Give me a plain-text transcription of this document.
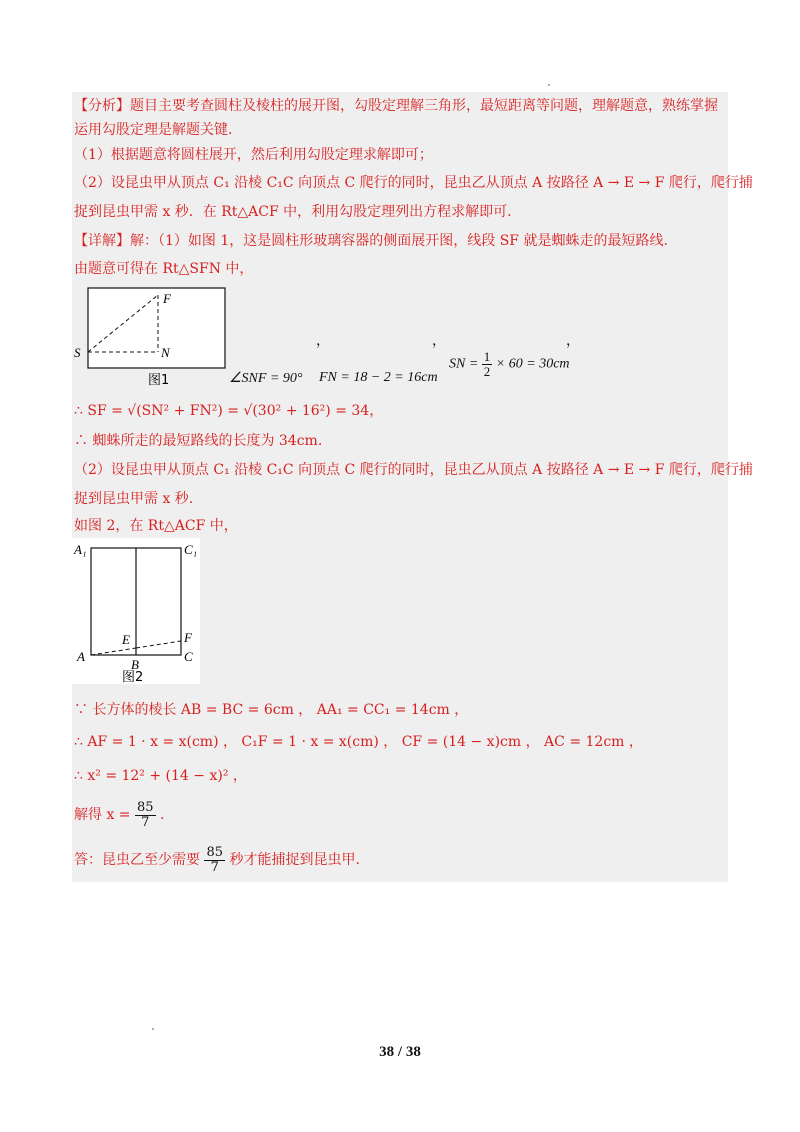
【分析】题目主要考查圆柱及棱柱的展开图，勾股定理解三角形，最短距离等问题，理解题意，熟练掌握
运用勾股定理是解题关键.
（1）根据题意将圆柱展开，然后利用勾股定理求解即可；
（2）设昆虫甲从顶点 C₁ 沿棱 C₁C 向顶点 C 爬行的同时，昆虫乙从顶点 A 按路径 A → E → F 爬行，爬行捕
捉到昆虫甲需 x 秒．在 Rt△ACF 中，利用勾股定理列出方程求解即可.
【详解】解：（1）如图 1，这是圆柱形玻璃容器的侧面展开图，线段 SF 就是蜘蛛走的最短路线.
由题意可得在 Rt△SFN 中，
F
S	N
图1
，	，	，
∠SNF = 90° FN = 18 − 2 = 16cm
SN = $\frac{1}{2} \times 60 = 30cm$
∴ SF = √(SN² + FN²) = √(30² + 16²) = 34，
∴ 蜘蛛所走的最短路线的长度为 34cm.
（2）设昆虫甲从顶点 C₁ 沿棱 C₁C 向顶点 C 爬行的同时，昆虫乙从顶点 A 按路径 A → E → F 爬行，爬行捕
捉到昆虫甲需 x 秒.
如图 2，在 Rt△ACF 中，
A₁	C₁
E	F
A
B
C
图2
∵ 长方体的棱长 AB = BC = 6cm ， AA₁ = CC₁ = 14cm ，
∴ AF = 1 · x = x(cm) ， C₁F = 1 · x = x(cm) ， CF = (14 − x)cm ， AC = 12cm ，
∴ x² = 12² + (14 − x)² ，
解得 $x = \frac{85}{7}$ .
答：昆虫乙至少需要 $\frac{85}{7}$ 秒才能捕捉到昆虫甲.
38 / 38
